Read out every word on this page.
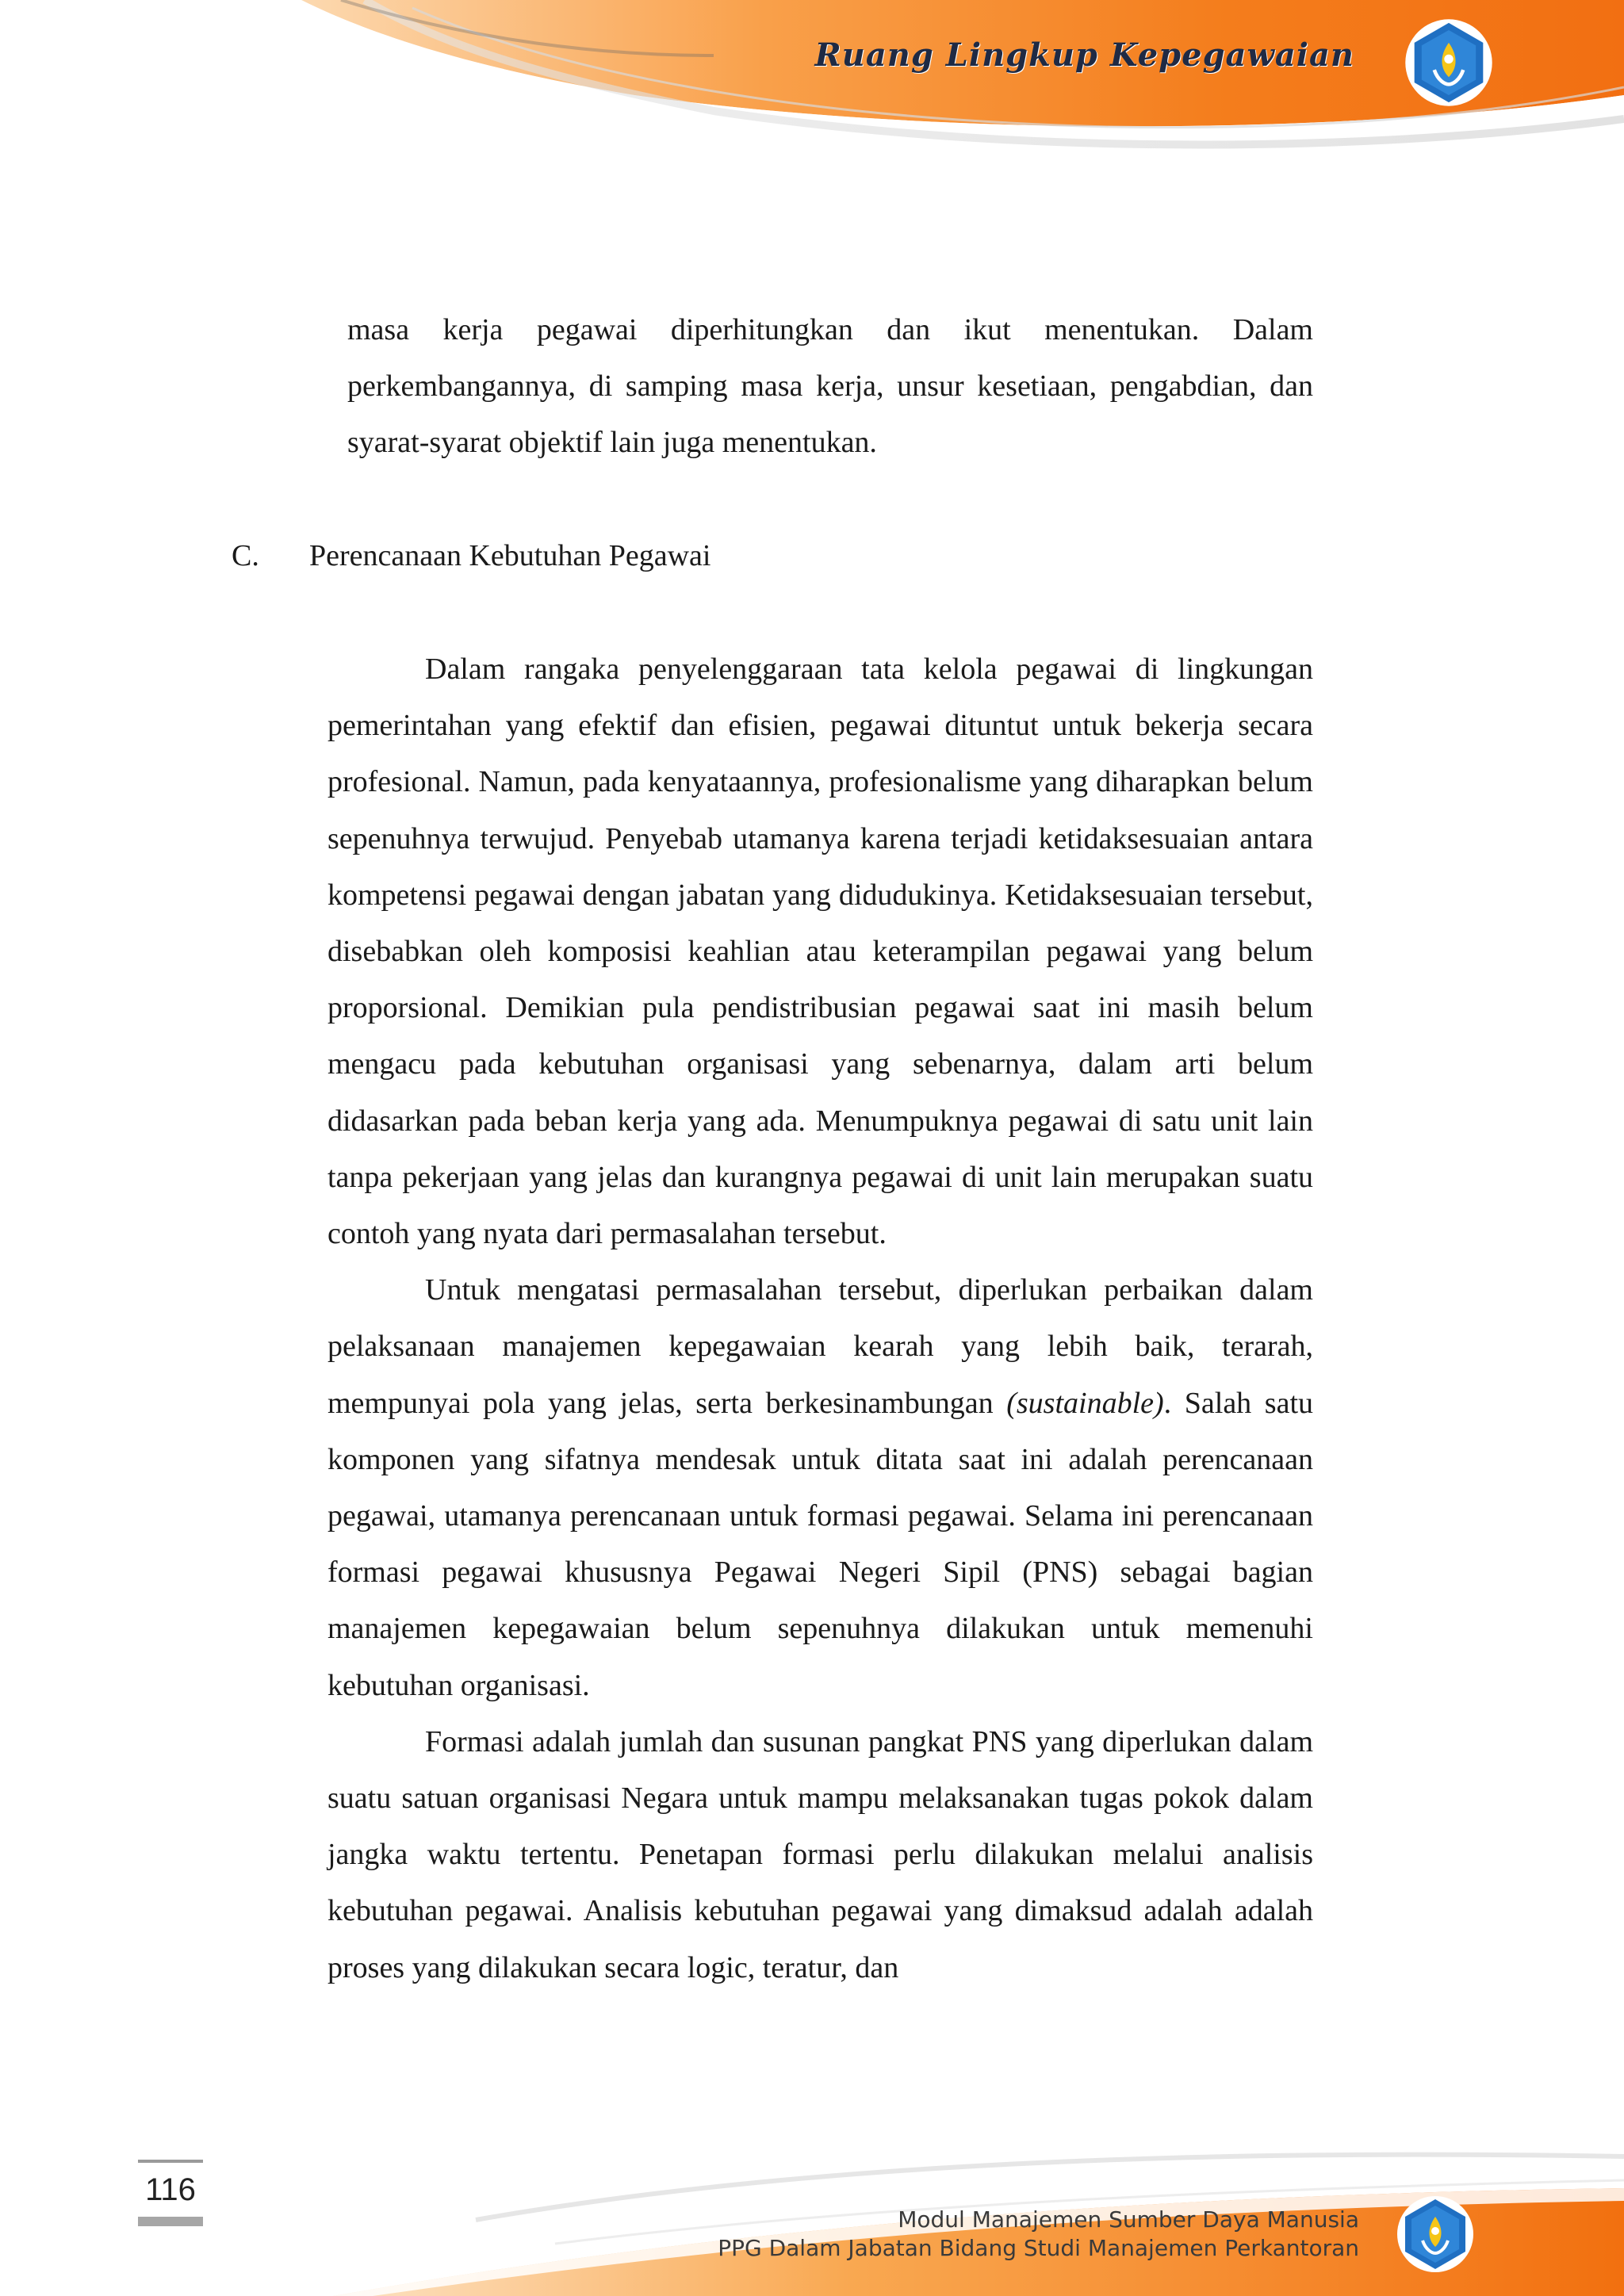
Ruang Lingkup Kepegawaian

masa kerja pegawai diperhitungkan dan ikut menentukan. Dalam perkembangannya, di samping masa kerja, unsur kesetiaan, pengabdian, dan syarat-syarat objektif lain juga menentukan.

C. Perencanaan Kebutuhan Pegawai

Dalam rangaka penyelenggaraan tata kelola pegawai di lingkungan pemerintahan yang efektif dan efisien, pegawai dituntut untuk bekerja secara profesional. Namun, pada kenyataannya, profesionalisme yang diharapkan belum sepenuhnya terwujud. Penyebab utamanya karena terjadi ketidaksesuaian antara kompetensi pegawai dengan jabatan yang didudukinya. Ketidaksesuaian tersebut, disebabkan oleh komposisi keahlian atau keterampilan pegawai yang belum proporsional. Demikian pula pendistribusian pegawai saat ini masih belum mengacu pada kebutuhan organisasi yang sebenarnya, dalam arti belum didasarkan pada beban kerja yang ada. Menumpuknya pegawai di satu unit lain tanpa pekerjaan yang jelas dan kurangnya pegawai di unit lain merupakan suatu contoh yang nyata dari permasalahan tersebut.

Untuk mengatasi permasalahan tersebut, diperlukan perbaikan dalam pelaksanaan manajemen kepegawaian kearah yang lebih baik, terarah, mempunyai pola yang jelas, serta berkesinambungan (sustainable). Salah satu komponen yang sifatnya mendesak untuk ditata saat ini adalah perencanaan pegawai, utamanya perencanaan untuk formasi pegawai. Selama ini perencanaan formasi pegawai khususnya Pegawai Negeri Sipil (PNS) sebagai bagian manajemen kepegawaian belum sepenuhnya dilakukan untuk memenuhi kebutuhan organisasi.

Formasi adalah jumlah dan susunan pangkat PNS yang diperlukan dalam suatu satuan organisasi Negara untuk mampu melaksanakan tugas pokok dalam jangka waktu tertentu. Penetapan formasi perlu dilakukan melalui analisis kebutuhan pegawai. Analisis kebutuhan pegawai yang dimaksud adalah adalah proses yang dilakukan secara logic, teratur, dan

116
Modul Manajemen Sumber Daya Manusia
PPG Dalam Jabatan Bidang Studi Manajemen Perkantoran
